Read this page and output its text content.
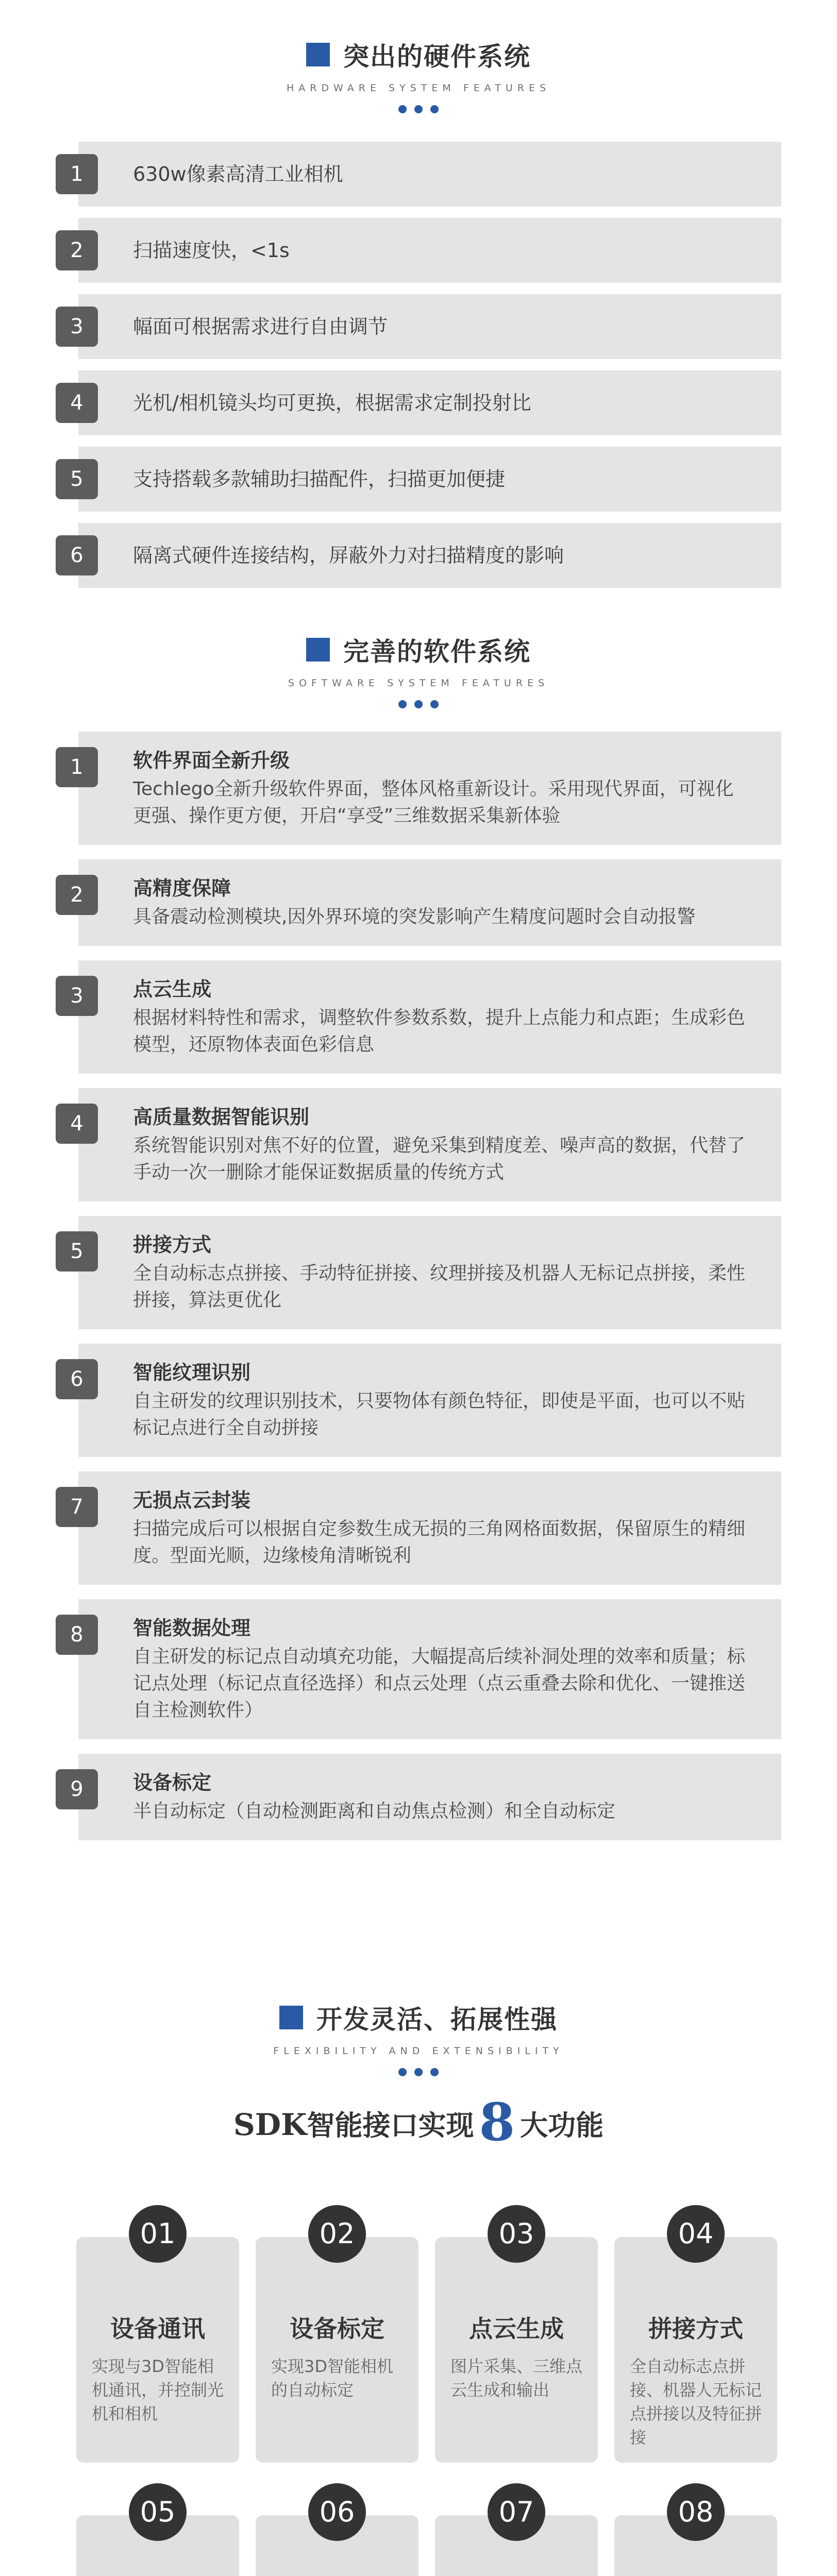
突出的硬件系统
HARDWARE SYSTEM FEATURES
1	630w像素高清工业相机
2	扫描速度快，<1s
3	幅面可根据需求进行自由调节
4	光机/相机镜头均可更换，根据需求定制投射比
5	支持搭载多款辅助扫描配件，扫描更加便捷
6	隔离式硬件连接结构，屏蔽外力对扫描精度的影响
完善的软件系统
SOFTWARE SYSTEM FEATURES
1	软件界面全新升级
Techlego全新升级软件界面，整体风格重新设计。采用现代界面，可视化更强、操作更方便，开启“享受”三维数据采集新体验
2	高精度保障
具备震动检测模块,因外界环境的突发影响产生精度问题时会自动报警
3	点云生成
根据材料特性和需求，调整软件参数系数，提升上点能力和点距；生成彩色模型，还原物体表面色彩信息
4	高质量数据智能识别
系统智能识别对焦不好的位置，避免采集到精度差、噪声高的数据，代替了手动一次一删除才能保证数据质量的传统方式
5	拼接方式
全自动标志点拼接、手动特征拼接、纹理拼接及机器人无标记点拼接，柔性拼接，算法更优化
6	智能纹理识别
自主研发的纹理识别技术，只要物体有颜色特征，即使是平面，也可以不贴标记点进行全自动拼接
7	无损点云封装
扫描完成后可以根据自定参数生成无损的三角网格面数据，保留原生的精细度。型面光顺，边缘棱角清晰锐利
8	智能数据处理
自主研发的标记点自动填充功能，大幅提高后续补洞处理的效率和质量；标记点处理（标记点直径选择）和点云处理（点云重叠去除和优化、一键推送自主检测软件）
9	设备标定
半自动标定（自动检测距离和自动焦点检测）和全自动标定
开发灵活、拓展性强
FLEXIBILITY AND EXTENSIBILITY
SDK智能接口实现 8 大功能
01
设备通讯
实现与3D智能相机通讯，并控制光机和相机
02
设备标定
实现3D智能相机的自动标定
03
点云生成
图片采集、三维点云生成和输出
04
拼接方式
全自动标志点拼接、机器人无标记点拼接以及特征拼接
05	06	07	08
